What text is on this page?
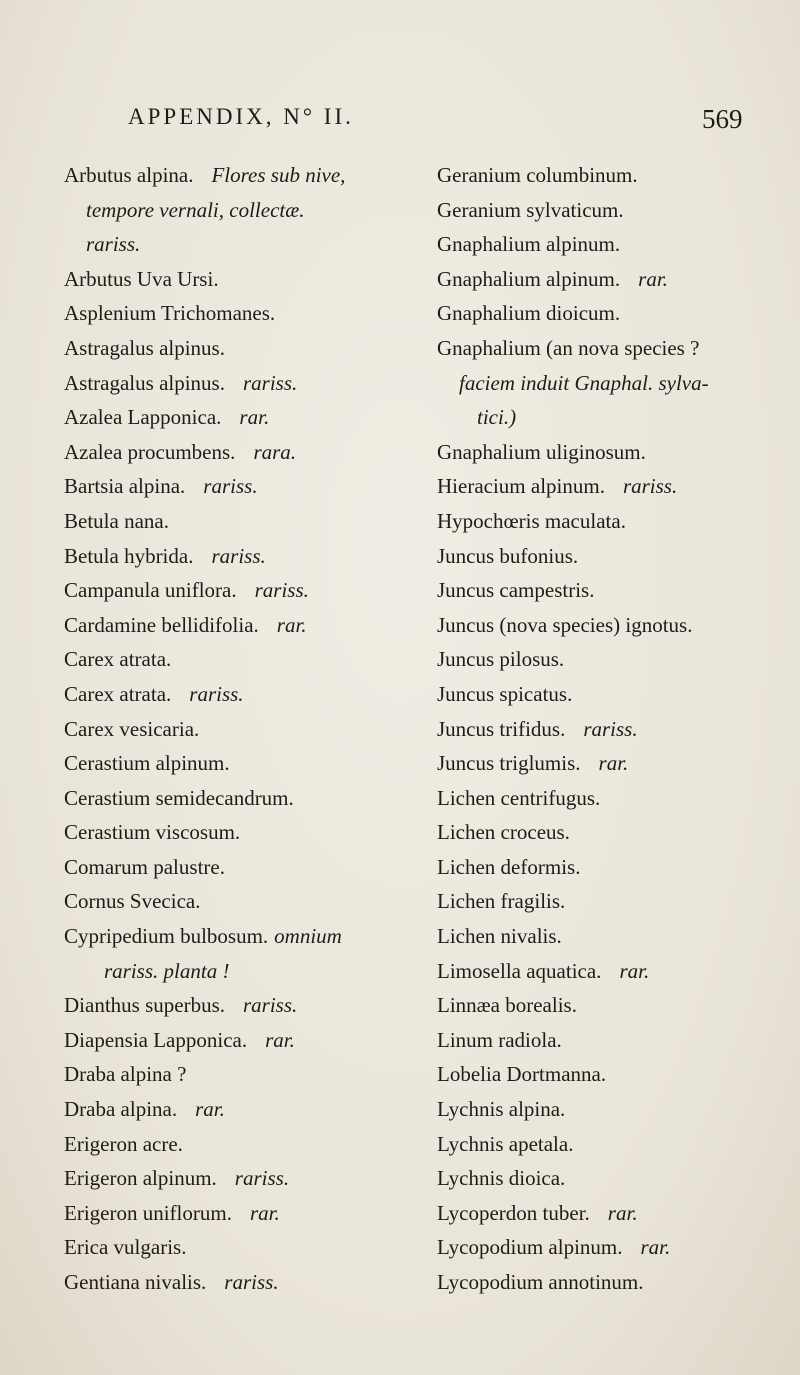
APPENDIX, N° II.	569
Arbutus alpina. Flores sub nive,
tempore vernali, collectæ.
rariss.
Arbutus Uva Ursi.
Asplenium Trichomanes.
Astragalus alpinus.
Astragalus alpinus. rariss.
Azalea Lapponica. rar.
Azalea procumbens. rara.
Bartsia alpina. rariss.
Betula nana.
Betula hybrida. rariss.
Campanula uniflora. rariss.
Cardamine bellidifolia. rar.
Carex atrata.
Carex atrata. rariss.
Carex vesicaria.
Cerastium alpinum.
Cerastium semidecandrum.
Cerastium viscosum.
Comarum palustre.
Cornus Svecica.
Cypripedium bulbosum. omnium
rariss. planta !
Dianthus superbus. rariss.
Diapensia Lapponica. rar.
Draba alpina ?
Draba alpina. rar.
Erigeron acre.
Erigeron alpinum. rariss.
Erigeron uniflorum. rar.
Erica vulgaris.
Gentiana nivalis. rariss.
Geranium columbinum.
Geranium sylvaticum.
Gnaphalium alpinum.
Gnaphalium alpinum. rar.
Gnaphalium dioicum.
Gnaphalium (an nova species ?
faciem induit Gnaphal. sylva-
tici.)
Gnaphalium uliginosum.
Hieracium alpinum. rariss.
Hypochœris maculata.
Juncus bufonius.
Juncus campestris.
Juncus (nova species) ignotus.
Juncus pilosus.
Juncus spicatus.
Juncus trifidus. rariss.
Juncus triglumis. rar.
Lichen centrifugus.
Lichen croceus.
Lichen deformis.
Lichen fragilis.
Lichen nivalis.
Limosella aquatica. rar.
Linnæa borealis.
Linum radiola.
Lobelia Dortmanna.
Lychnis alpina.
Lychnis apetala.
Lychnis dioica.
Lycoperdon tuber. rar.
Lycopodium alpinum. rar.
Lycopodium annotinum.
